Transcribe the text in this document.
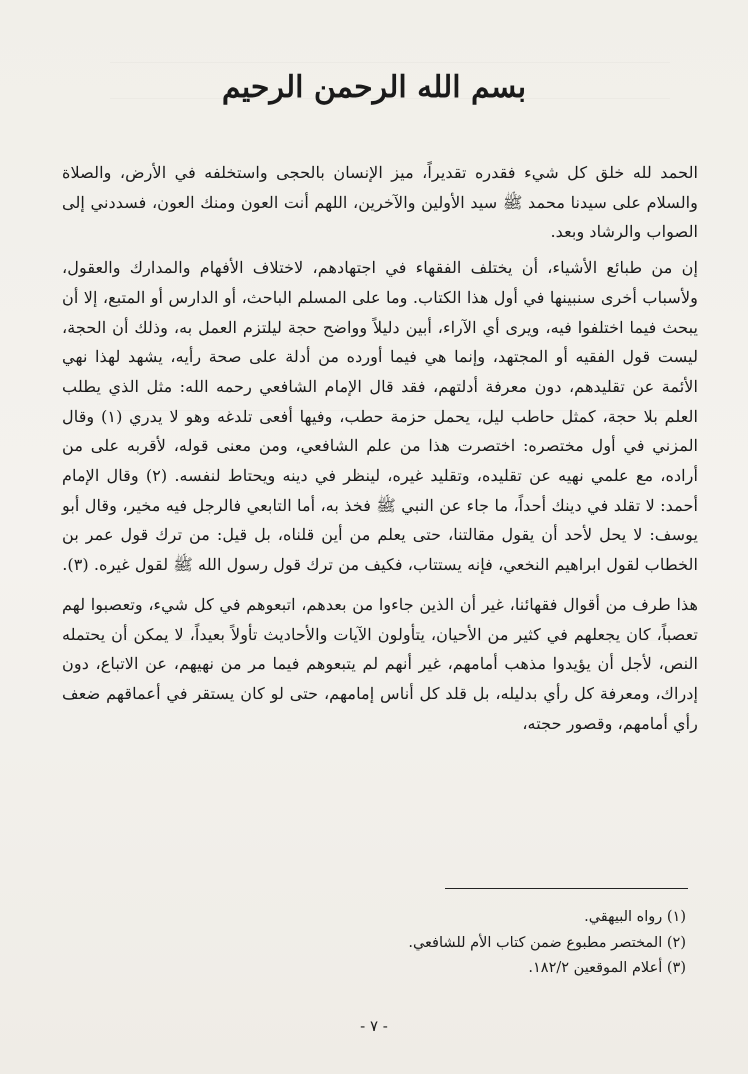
بسم الله الرحمن الرحيم

الحمد لله خلق كل شيء فقدره تقديراً، ميز الإنسان بالحجى واستخلفه في الأرض، والصلاة والسلام على سيدنا محمد ﷺ سيد الأولين والآخرين، اللهم أنت العون ومنك العون، فسددني إلى الصواب والرشاد وبعد.

إن من طبائع الأشياء، أن يختلف الفقهاء في اجتهادهم، لاختلاف الأفهام والمدارك والعقول، ولأسباب أخرى سنبينها في أول هذا الكتاب. وما على المسلم الباحث، أو الدارس أو المتبع، إلا أن يبحث فيما اختلفوا فيه، ويرى أي الآراء، أبين دليلاً وواضح حجة ليلتزم العمل به، وذلك أن الحجة، ليست قول الفقيه أو المجتهد، وإنما هي فيما أورده من أدلة على صحة رأيه، يشهد لهذا نهي الأئمة عن تقليدهم، دون معرفة أدلتهم، فقد قال الإمام الشافعي رحمه الله: مثل الذي يطلب العلم بلا حجة، كمثل حاطب ليل، يحمل حزمة حطب، وفيها أفعى تلدغه وهو لا يدري (١) وقال المزني في أول مختصره: اختصرت هذا من علم الشافعي، ومن معنى قوله، لأقربه على من أراده، مع علمي نهيه عن تقليده، وتقليد غيره، لينظر في دينه ويحتاط لنفسه. (٢) وقال الإمام أحمد: لا تقلد في دينك أحداً، ما جاء عن النبي ﷺ فخذ به، أما التابعي فالرجل فيه مخير، وقال أبو يوسف: لا يحل لأحد أن يقول مقالتنا، حتى يعلم من أين قلناه، بل قيل: من ترك قول عمر بن الخطاب لقول ابراهيم النخعي، فإنه يستتاب، فكيف من ترك قول رسول الله ﷺ لقول غيره. (٣).

هذا طرف من أقوال فقهائنا، غير أن الذين جاءوا من بعدهم، اتبعوهم في كل شيء، وتعصبوا لهم تعصباً، كان يجعلهم في كثير من الأحيان، يتأولون الآيات والأحاديث تأولاً بعيداً، لا يمكن أن يحتمله النص، لأجل أن يؤيدوا مذهب أمامهم، غير أنهم لم يتبعوهم فيما مر من نهيهم، عن الاتباع، دون إدراك، ومعرفة كل رأي بدليله، بل قلد كل أناس إمامهم، حتى لو كان يستقر في أعماقهم ضعف رأي أمامهم، وقصور حجته،

(١) رواه البيهقي.
(٢) المختصر مطبوع ضمن كتاب الأم للشافعي.
(٣) أعلام الموقعين ١٨٢/٢.
- ٧ -
